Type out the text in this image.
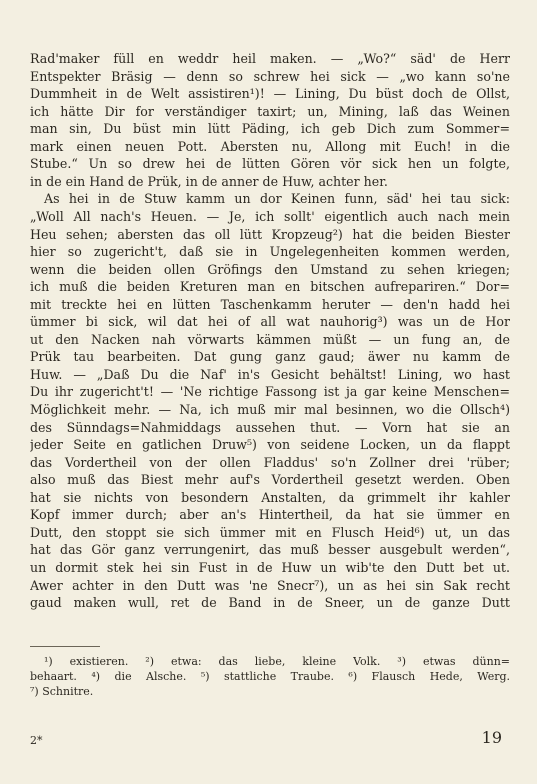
Rad'maker füll en weddr heil maken. — „Wo?“ säd' de Herr
Entspekter Bräsig — denn so schrew hei sick — „wo kann so'ne
Dummheit in de Welt assistiren¹)! — Lining, Du büst doch de Ollst,
ich hätte Dir for verständiger taxirt; un, Mining, laß das Weinen
man sin, Du büst min lütt Päding, ich geb Dich zum Sommer=
mark einen neuen Pott. Abersten nu, Allong mit Euch! in die
Stube.“ Un so drew hei de lütten Gören vör sick hen un folgte,
in de ein Hand de Prük, in de anner de Huw, achter her.
As hei in de Stuw kamm un dor Keinen funn, säd' hei tau sick:
„Woll All nach's Heuen. — Je, ich sollt' eigentlich auch nach mein
Heu sehen; abersten das oll lütt Kropzeug²) hat die beiden Biester
hier so zugericht't, daß sie in Ungelegenheiten kommen werden,
wenn die beiden ollen Gröfings den Umstand zu sehen kriegen;
ich muß die beiden Kreturen man en bitschen aufrepariren.“ Dor=
mit treckte hei en lütten Taschenkamm heruter — den'n hadd hei
ümmer bi sick, wil dat hei of all wat nauhorig³) was un de Hor
ut den Nacken nah vörwarts kämmen müßt — un fung an, de
Prük tau bearbeiten. Dat gung ganz gaud; äwer nu kamm de
Huw. — „Daß Du die Naf' in's Gesicht behältst! Lining, wo hast
Du ihr zugericht't! — 'Ne richtige Fassong ist ja gar keine Menschen=
Möglichkeit mehr. — Na, ich muß mir mal besinnen, wo die Ollsch⁴)
des Sünndags=Nahmiddags aussehen thut. — Vorn hat sie an
jeder Seite en gatlichen Druw⁵) von seidene Locken, un da flappt
das Vordertheil von der ollen Fladdus' so'n Zollner drei 'rüber;
also muß das Biest mehr auf's Vordertheil gesetzt werden. Oben
hat sie nichts von besondern Anstalten, da grimmelt ihr kahler
Kopf immer durch; aber an's Hintertheil, da hat sie ümmer en
Dutt, den stoppt sie sich ümmer mit en Flusch Heid⁶) ut, un das
hat das Gör ganz verrungenirt, das muß besser ausgebult werden“,
un dormit stek hei sin Fust in de Huw un wib'te den Dutt bet ut.
Awer achter in den Dutt was 'ne Snecr⁷), un as hei sin Sak recht
gaud maken wull, ret de Band in de Sneer, un de ganze Dutt
¹) existieren. ²) etwa: das liebe, kleine Volk. ³) etwas dünn=
behaart. ⁴) die Alsche. ⁵) stattliche Traube. ⁶) Flausch Hede, Werg.
⁷) Schnitre.
2*	19
